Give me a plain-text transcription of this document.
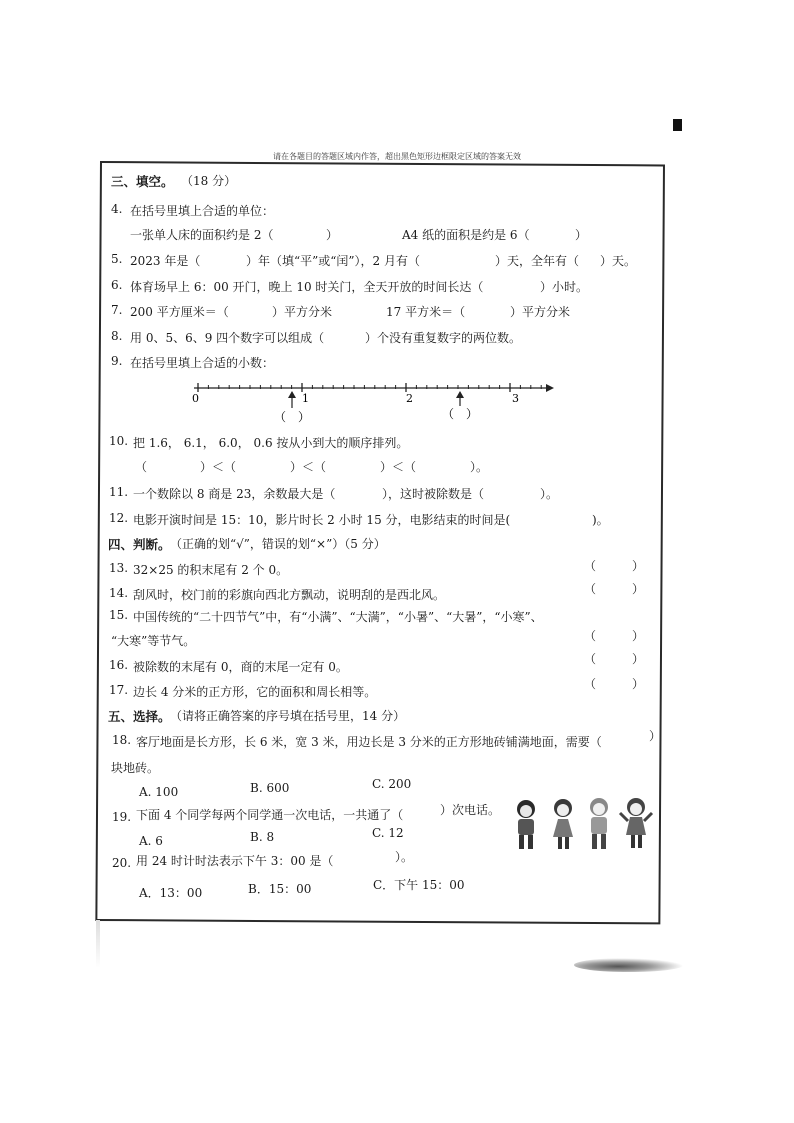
请在各题目的答题区域内作答，超出黑色矩形边框限定区域的答案无效
三、填空。 （18 分）
4. 在括号里填上合适的单位：
一张单人床的面积约是 2（	）	A4 纸的面积是约是 6（	）
5. 2023 年是（	）年（填“平”或“闰”），2 月有（	）天，全年有（ ）天。
6. 体育场早上 6：00 开门，晚上 10 时关门，全天开放的时间长达（	）小时。
7. 200 平方厘米＝（	）平方分米	17 平方米＝（	）平方分米
8. 用 0、5、6、9 四个数字可以组成（	）个没有重复数字的两位数。
9. 在括号里填上合适的小数：
0	1	2	3
（　）	（　）
10. 把 1.6， 6.1， 6.0， 0.6 按从小到大的顺序排列。
（	）＜（	）＜（	）＜（	）。
11. 一个数除以 8 商是 23，余数最大是（	），这时被除数是（	）。
12. 电影开演时间是 15：10，影片时长 2 小时 15 分，电影结束的时间是(	)。
四、判断。 （正确的划“√”，错误的划“×”）（5 分）
13. 32×25 的积末尾有 2 个 0。	（　　　）
14. 刮风时，校门前的彩旗向西北方飘动，说明刮的是西北风。	（　　　）
15. 中国传统的“二十四节气”中，有“小满”、“大满”，“小暑”、“大暑”，“小寒”、
“大寒”等节气。	（　　　）
16. 被除数的末尾有 0，商的末尾一定有 0。
（　　　）
17. 边长 4 分米的正方形，它的面积和周长相等。
（　　　）
五、选择。 （请将正确答案的序号填在括号里，14 分）
18. 客厅地面是长方形，长 6 米，宽 3 米，用边长是 3 分米的正方形地砖铺满地面，需要（	）
块地砖。
A. 100	B. 600	C. 200
19. 下面 4 个同学每两个同学通一次电话，一共通了（	）次电话。
A. 6	B. 8	C. 12
20. 用 24 时计时法表示下午 3：00 是（	）。
A．13：00	B．15：00	C．下午 15：00
